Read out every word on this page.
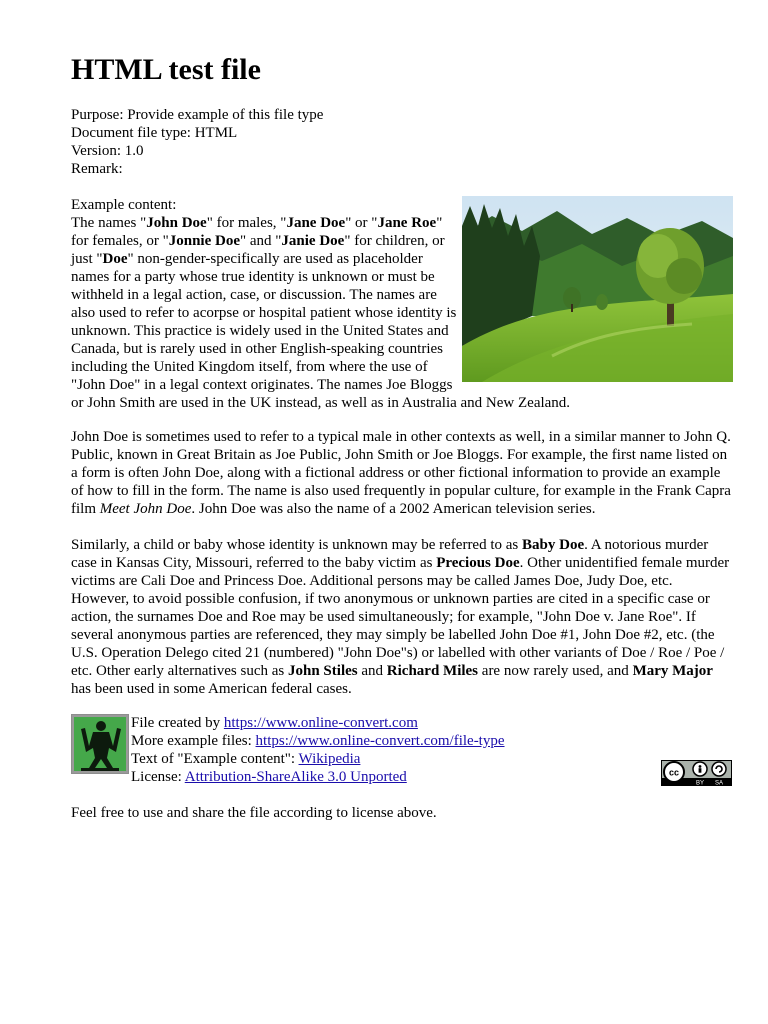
HTML test file
Purpose: Provide example of this file type
Document file type: HTML
Version: 1.0
Remark:

Example content:

The names "John Doe" for males, "Jane Doe" or "Jane Roe" for females, or "Jonnie Doe" and "Janie Doe" for children, or just "Doe" non-gender-specifically are used as placeholder names for a party whose true identity is unknown or must be withheld in a legal action, case, or discussion. The names are also used to refer to acorpse or hospital patient whose identity is unknown. This practice is widely used in the United States and Canada, but is rarely used in other English-speaking countries including the United Kingdom itself, from where the use of "John Doe" in a legal context originates. The names Joe Bloggs or John Smith are used in the UK instead, as well as in Australia and New Zealand.

John Doe is sometimes used to refer to a typical male in other contexts as well, in a similar manner to John Q. Public, known in Great Britain as Joe Public, John Smith or Joe Bloggs. For example, the first name listed on a form is often John Doe, along with a fictional address or other fictional information to provide an example of how to fill in the form. The name is also used frequently in popular culture, for example in the Frank Capra film Meet John Doe. John Doe was also the name of a 2002 American television series.

Similarly, a child or baby whose identity is unknown may be referred to as Baby Doe. A notorious murder case in Kansas City, Missouri, referred to the baby victim as Precious Doe. Other unidentified female murder victims are Cali Doe and Princess Doe. Additional persons may be called James Doe, Judy Doe, etc. However, to avoid possible confusion, if two anonymous or unknown parties are cited in a specific case or action, the surnames Doe and Roe may be used simultaneously; for example, "John Doe v. Jane Roe". If several anonymous parties are referenced, they may simply be labelled John Doe #1, John Doe #2, etc. (the U.S. Operation Delego cited 21 (numbered) "John Doe"s) or labelled with other variants of Doe / Roe / Poe / etc. Other early alternatives such as John Stiles and Richard Miles are now rarely used, and Mary Major has been used in some American federal cases.

File created by https://www.online-convert.com
More example files: https://www.online-convert.com/file-type
Text of "Example content": Wikipedia
License: Attribution-ShareAlike 3.0 Unported	cc
BY SA
Feel free to use and share the file according to license above.
